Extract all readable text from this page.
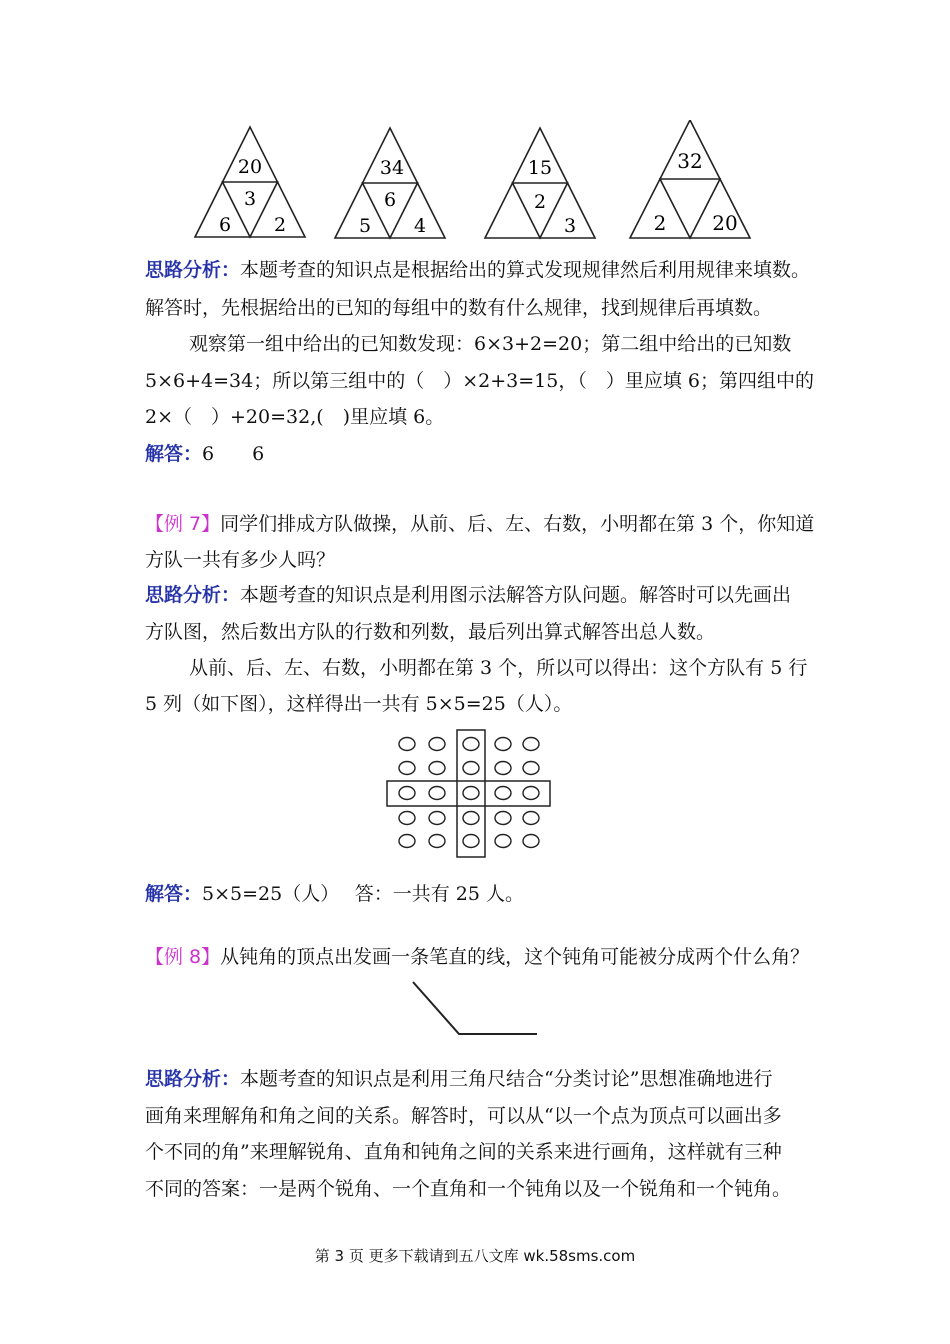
20
3
6 2
34
6
5 4
15
2
3
32
2 20
思路分析：本题考查的知识点是根据给出的算式发现规律然后利用规律来填数。
解答时，先根据给出的已知的每组中的数有什么规律，找到规律后再填数。
观察第一组中给出的已知数发现：6×3+2=20；第二组中给出的已知数
5×6+4=34；所以第三组中的（　）×2+3=15，（　）里应填 6；第四组中的
2×（　）+20=32,(　)里应填 6。
解答：6　　6
【例 7】同学们排成方队做操，从前、后、左、右数，小明都在第 3 个，你知道
方队一共有多少人吗？
思路分析：本题考查的知识点是利用图示法解答方队问题。解答时可以先画出
方队图，然后数出方队的行数和列数，最后列出算式解答出总人数。
从前、后、左、右数，小明都在第 3 个，所以可以得出：这个方队有 5 行
5 列（如下图），这样得出一共有 5×5=25（人）。
解答：5×5=25（人）　 答：一共有 25 人。
【例 8】从钝角的顶点出发画一条笔直的线，这个钝角可能被分成两个什么角？
思路分析：本题考查的知识点是利用三角尺结合“分类讨论”思想准确地进行
画角来理解角和角之间的关系。解答时，可以从“以一个点为顶点可以画出多
个不同的角”来理解锐角、直角和钝角之间的关系来进行画角，这样就有三种
不同的答案：一是两个锐角、一个直角和一个钝角以及一个锐角和一个钝角。
第 3 页 更多下载请到五八文库 wk.58sms.com
